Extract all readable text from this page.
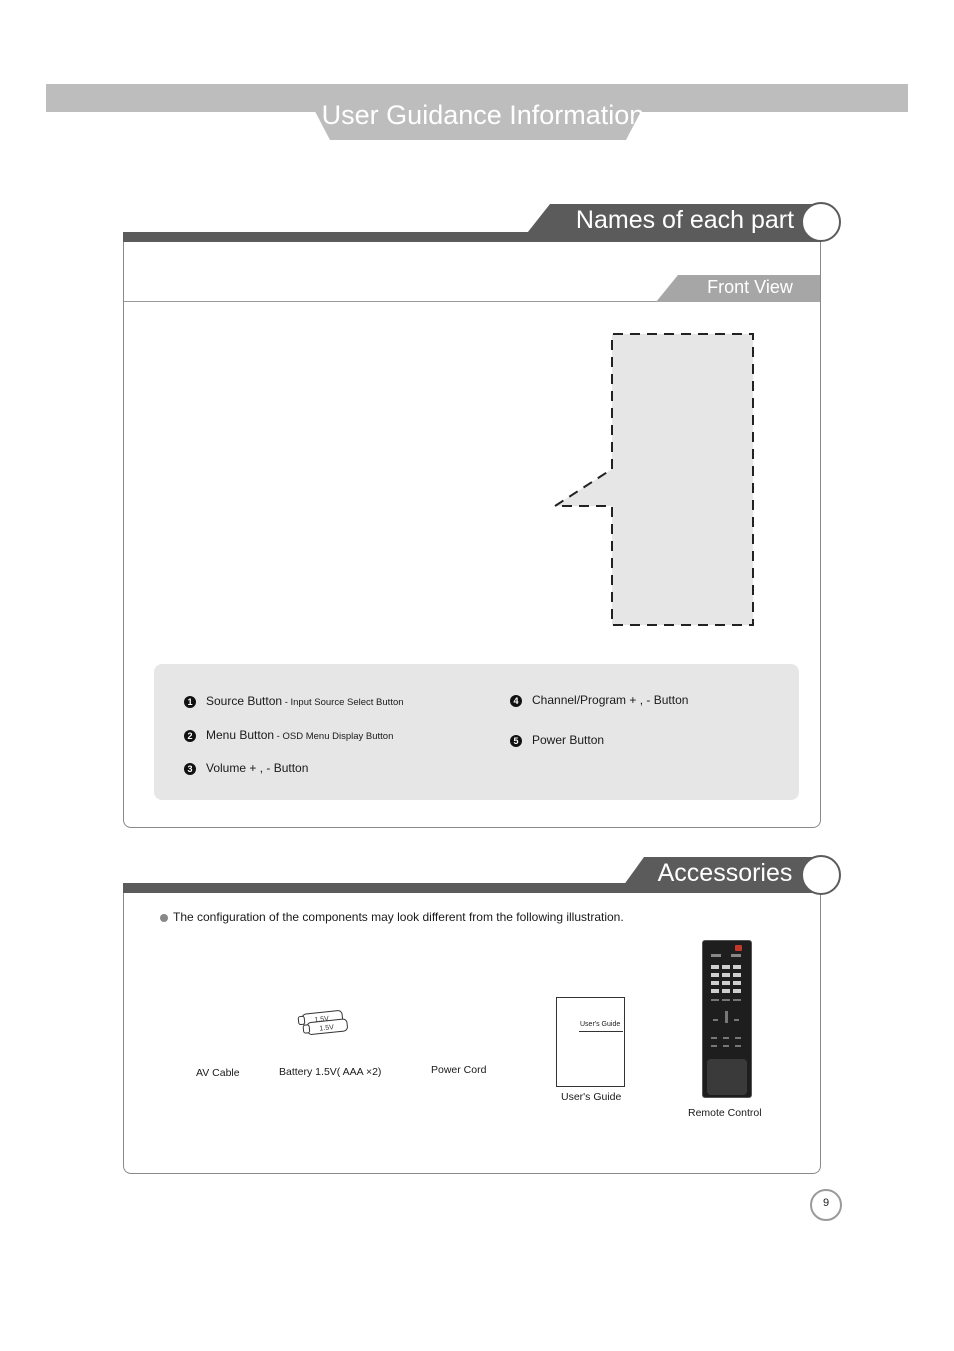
User Guidance Information
Names of each part
Front View
1 Source Button - Input Source Select Button
2 Menu Button - OSD Menu Display Button
3 Volume + , - Button
4 Channel/Program + , - Button
5 Power Button
Accessories
The configuration of the components may look different from the following illustration.
1.5V
1.5V	User's Guide
AV Cable	Battery 1.5V( AAA ×2)	Power Cord
User's Guide
Remote Control
9
